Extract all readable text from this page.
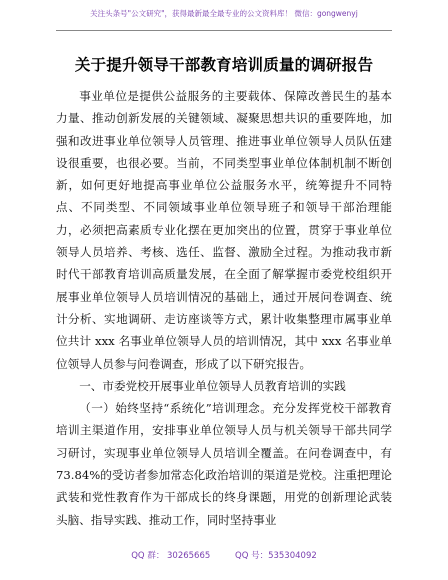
关注头条号"公文研究"，获得最新最全最专业的公文资料库！ 微信：gongwenyj
关于提升领导干部教育培训质量的调研报告

事业单位是提供公益服务的主要载体、保障改善民生的基本力量、推动创新发展的关键领域、凝聚思想共识的重要阵地，加强和改进事业单位领导人员管理、推进事业单位领导人员队伍建设很重要，也很必要。当前，不同类型事业单位体制机制不断创新，如何更好地提高事业单位公益服务水平，统筹提升不同特点、不同类型、不同领域事业单位领导班子和领导干部治理能力，必须把高素质专业化摆在更加突出的位置，贯穿于事业单位领导人员培养、考核、选任、监督、激励全过程。为推动我市新时代干部教育培训高质量发展，在全面了解掌握市委党校组织开展事业单位领导人员培训情况的基础上，通过开展问卷调查、统计分析、实地调研、走访座谈等方式，累计收集整理市属事业单位共计 xxx 名事业单位领导人员的培训情况，其中 xxx 名事业单位领导人员参与问卷调查，形成了以下研究报告。

一、市委党校开展事业单位领导人员教育培训的实践

（一）始终坚持“系统化”培训理念。充分发挥党校干部教育培训主渠道作用，安排事业单位领导人员与机关领导干部共同学习研讨，实现事业单位领导人员培训全覆盖。在问卷调查中，有 73.84%的受访者参加常态化政治培训的渠道是党校。注重把理论武装和党性教育作为干部成长的终身课题，用党的创新理论武装头脑、指导实践、推动工作，同时坚持事业

QQ 群： 30265665	QQ 号：535304092
